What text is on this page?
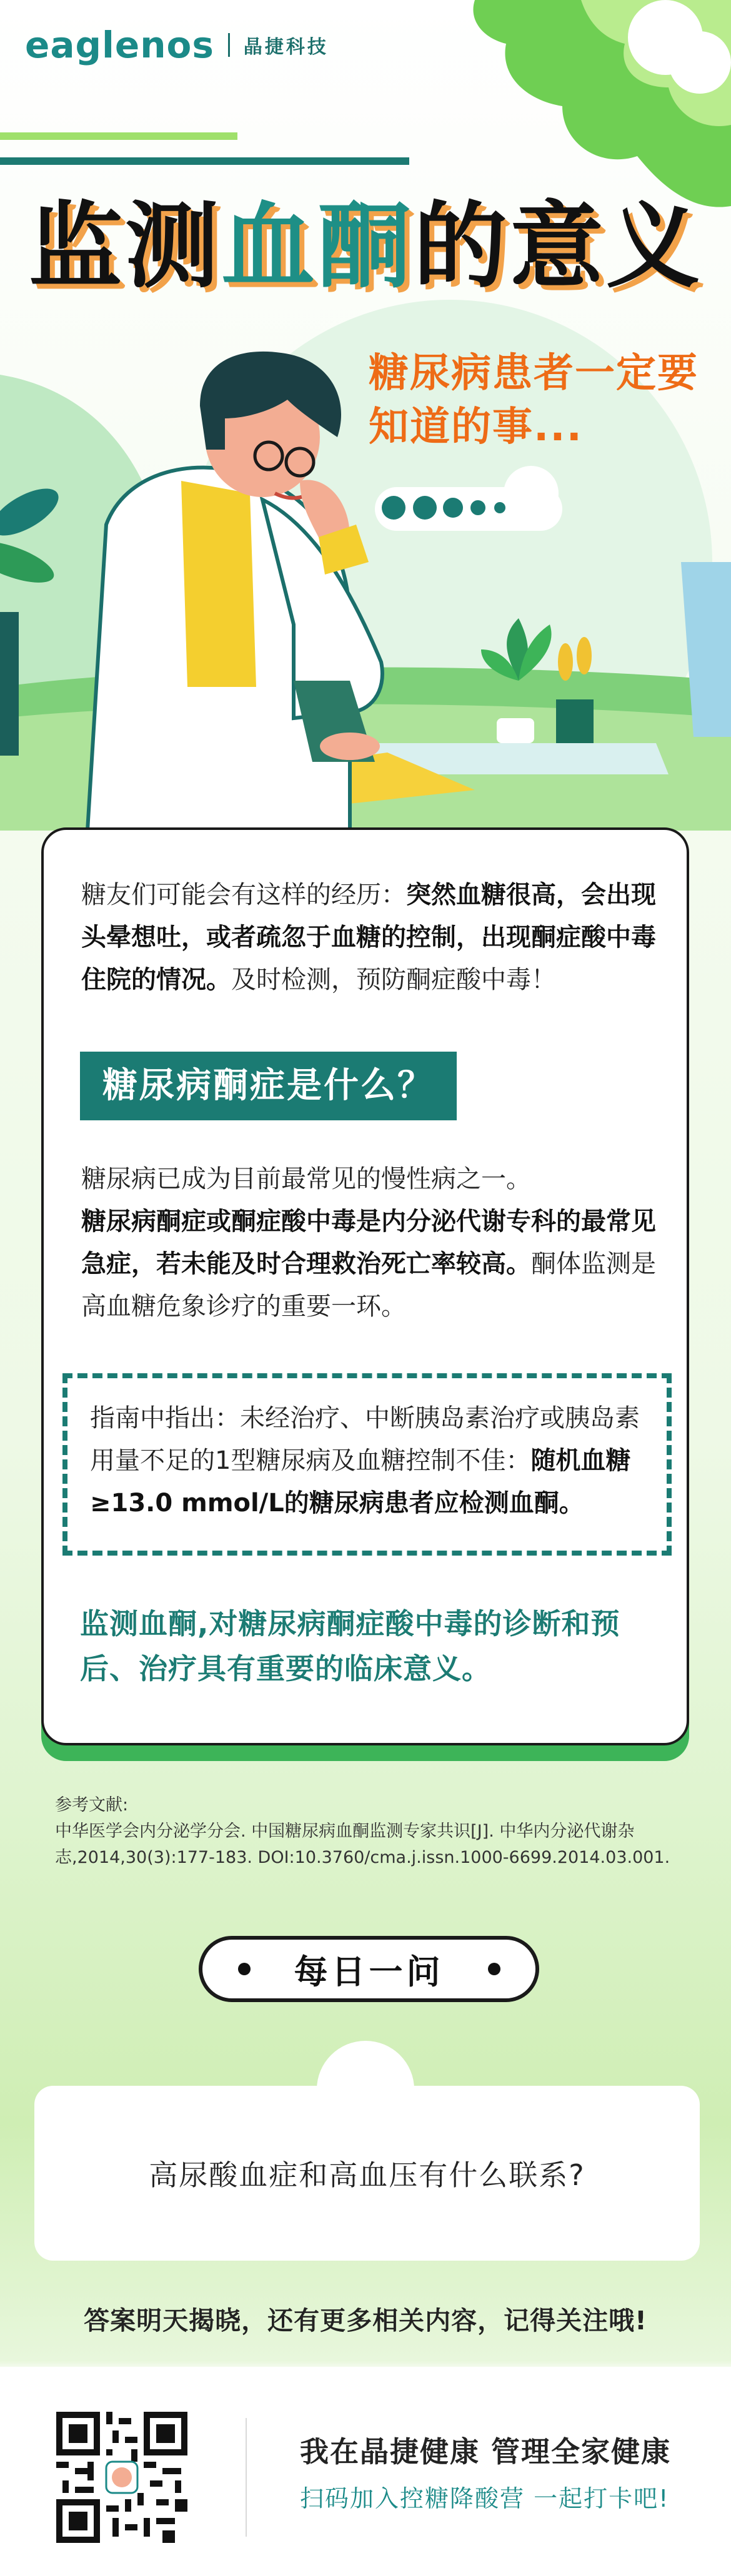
eaglenos 晶捷科技
监测血酮的意义
糖尿病患者一定要
知道的事...

糖友们可能会有这样的经历：突然血糖很高，会出现头晕想吐，或者疏忽于血糖的控制，出现酮症酸中毒住院的情况。及时检测，预防酮症酸中毒！

糖尿病酮症是什么？

糖尿病已成为目前最常见的慢性病之一。
糖尿病酮症或酮症酸中毒是内分泌代谢专科的最常见急症，若未能及时合理救治死亡率较高。酮体监测是高血糖危象诊疗的重要一环。

指南中指出：未经治疗、中断胰岛素治疗或胰岛素用量不足的1型糖尿病及血糖控制不佳：随机血糖≥13.0 mmol/L的糖尿病患者应检测血酮。
监测血酮,对糖尿病酮症酸中毒的诊断和预后、治疗具有重要的临床意义。
参考文献:
中华医学会内分泌学分会. 中国糖尿病血酮监测专家共识[J]. 中华内分泌代谢杂志,2014,30(3):177-183. DOI:10.3760/cma.j.issn.1000-6699.2014.03.001.
每日一问
高尿酸血症和高血压有什么联系?
答案明天揭晓，还有更多相关内容，记得关注哦!
我在晶捷健康 管理全家健康
扫码加入控糖降酸营 一起打卡吧!
